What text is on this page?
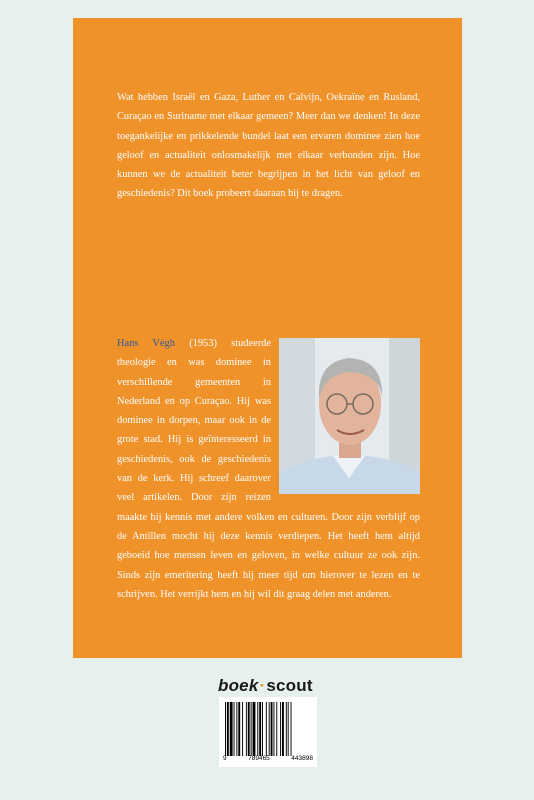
Wat hebben Israël en Gaza, Luther en Calvijn, Oekraïne en Rusland, Curaçao en Suriname met elkaar gemeen? Meer dan we denken! In deze toegankelijke en prikkelende bundel laat een ervaren dominee zien hoe geloof en actualiteit onlosmakelijk met elkaar verbonden zijn. Hoe kunnen we de actualiteit beter begrijpen in het licht van geloof en geschiedenis? Dit boek probeert daaraan bij te dragen.

Hans Végh (1953) studeerde theologie en was dominee in verschillende gemeenten in Nederland en op Curaçao. Hij was dominee in dorpen, maar ook in de grote stad. Hij is geïnteresseerd in geschiedenis, ook de geschiedenis van de kerk. Hij schreef daarover veel artikelen. Door zijn reizen maakte hij kennis met andere volken en culturen. Door zijn verblijf op de Antillen mocht hij deze kennis verdiepen. Het heeft hem altijd geboeid hoe mensen leven en geloven, in welke cultuur ze ook zijn. Sinds zijn emeritering heeft hij meer tijd om hierover te lezen en te schrijven. Het verrijkt hem en hij wil dit graag delen met anderen.
boek·scout
9	789465	443898
